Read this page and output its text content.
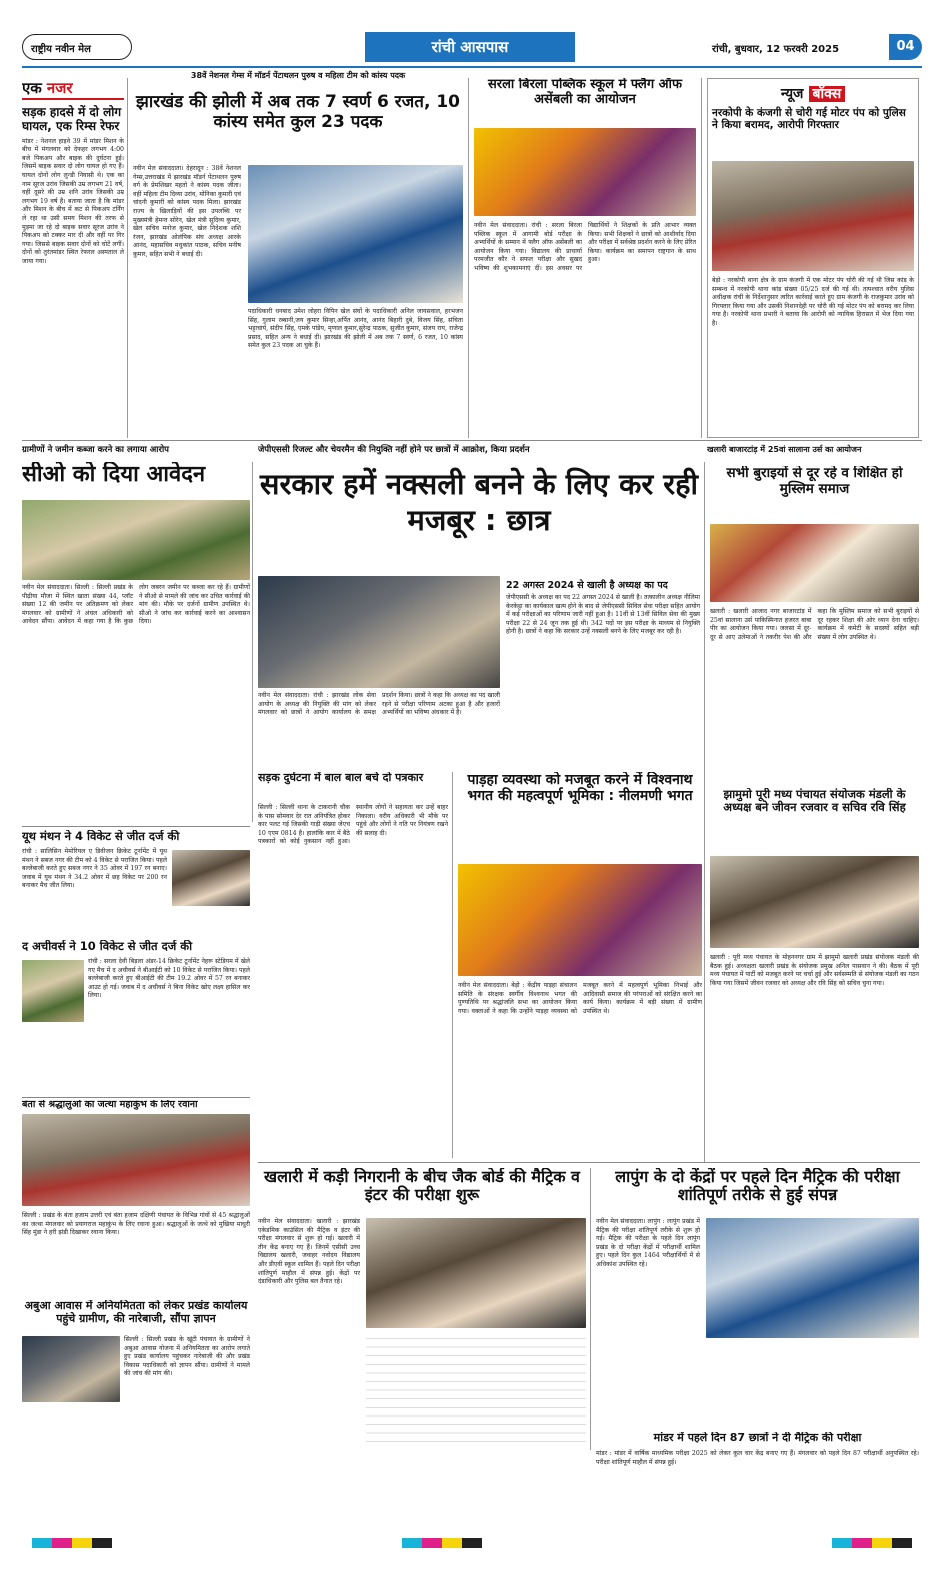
राष्ट्रीय नवीन मेल	रांची आसपास	रांची, बुधवार, 12 फरवरी 2025	04
एक नजर
सड़क हादसे में दो लोग घायल, एक रिम्स रेफर
मांडर : नेशनल हाइवे 39 में मांडर मिशन के बीच में मंगलवार को देफहर लगभग 4:00 बजे पिकअप और बाइक की दुर्घटना हुई। जिसमें बाइक सवार दो लोग घायल हो गए हैं। घायल दोनों लोग लुन्डी निवासी थे। एक का नाम सूरज उरांव जिसकी उम्र लगभग 21 वर्ष, वहीं दूसरे की उम्र शनि उरांव जिसकी उम्र लगभग 19 वर्ष है। बताया जाता है कि मांडर और मिशन के बीच में कट से पिकअप टर्निंग ले रहा था उसी समय मिशन की तरफ से मुड़मा जा रहे दो बाइक सवार सूरज उरांव ने पिकअप को टक्कर मार दी और वहीं पर गिर गया। जिससे बाइक सवार दोनों को चोटें लगीं। दोनों को तुरंतमांडर स्थित रेफरल अस्पताल ले जाया गया।
38वें नेशनल गेम्स में मॉडर्न पेंटाथलन पुरुष व महिला टीम को कांस्य पदक
झारखंड की झोली में अब तक 7 स्वर्ण 6 रजत, 10 कांस्य समेत कुल 23 पदक
नवीन मेल संवाददाता। देहरादून : 38वें नेशनल गेम्स,उत्तराखंड में झारखंड मॉडर्न पेंटाथलन पुरुष वर्ग के प्रेमशिखर महतो ने कांस्य पदक जीता। वहीं महिला टीम दिव्या उरांव, मोनिका कुमारी एवं चांदनी कुमारी को कांस्य पदक मिला। झारखंड राज्य के खिलाड़ियों की इस उपलब्धि पर मुख्यमंत्री हेमन्त सोरेन, खेल मंत्री सुदिव्य कुमार, खेल सचिव मनोज कुमार, खेल निदेशक शशि रंजन, झारखंड ओलंपिक संघ अध्यक्ष आरके आनंद, महासचिव मधुकांत पाठक, सचिव मनीष कुमार, सहित सभी ने बधाई दी।
पदाधिकारी धनबाद उमेश लोहरा विपिन खेल संघों के पदाधिकारी अनिल जायसवाल, हरभजन सिंह, गुलाम रब्बानी,जय कुमार सिन्हा,अर्पित आनंद, आनंद बिहारी दुबे, विजय सिंह, संचिता भट्टाचार्य, संदीप सिंह, एमके पांडेय, मृणाल कुमार,सुरेन्द्र पाठक, सुजीत कुमार, संजय राय, राजेन्द्र प्रसाद, सहित अन्य ने बधाई दी। झारखंड की झोली में अब तक 7 स्वर्ण, 6 रजत, 10 कांस्य समेत कुल 23 पदक आ चुके हैं।
सरला बिरला पब्लिक स्कूल में फ्लैग ऑफ असेंबली का आयोजन
नवीन मेल संवाददाता। रांची : सरला बिरला पब्लिक स्कूल में आगामी बोर्ड परीक्षा के अभ्यर्थियों के सम्मान में फ्लैग ऑफ असेंबली का आयोजन किया गया। विद्यालय की प्राचार्या परमजीत कौर ने सफल परीक्षा और सुखद भविष्य की शुभकामनाएं दीं। इस अवसर पर विद्यार्थियों ने शिक्षकों के प्रति आभार व्यक्त किया। सभी शिक्षकों ने छात्रों को आशीर्वाद दिया और परीक्षा में सर्वश्रेष्ठ प्रदर्शन करने के लिए प्रेरित किया। कार्यक्रम का समापन राष्ट्रगान के साथ हुआ।
न्यूज बॉक्स
नरकोपी के कंजगी से चोरी गई मोटर पंप को पुलिस ने किया बरामद, आरोपी गिरफ्तार
बेड़ो : नरकोपी थाना क्षेत्र के ग्राम कंजगी में एक मोटर पंप चोरी की गई थी जिस कांड के सम्बन्ध में नरकोपी थाना कांड संख्या 05/25 दर्ज की गई थी। तत्पश्चात वरीय पुलिस अधीक्षक रांची के निर्देशानुसार त्वरित कार्रवाई करते हुए ग्राम कंजगी के राजकुमार उरांव को गिरफ्तार किया गया और उसकी निशानदेही पर चोरी की गई मोटर पंप को बरामद कर लिया गया है। नरकोपी थाना प्रभारी ने बताया कि आरोपी को न्यायिक हिरासत में भेज दिया गया है।
ग्रामीणों ने जमीन कब्जा करने का लगाया आरोप	जेपीएससी रिजल्ट और चेयरमैन की नियुक्ति नहीं होने पर छात्रों में आक्रोश, किया प्रदर्शन	खलारी बाजारटांड़ में 25वां सालाना उर्स का आयोजन
सीओ को दिया आवेदन
नवीन मेल संवाददाता। सिल्ली : सिल्ली प्रखंड के पीढ़ीया मौजा में स्थित खाता संख्या 44, प्लॉट संख्या 12 की जमीन पर अतिक्रमण को लेकर मंगलवार को ग्रामीणों ने अंचल अधिकारी को आवेदन सौंपा। आवेदन में कहा गया है कि कुछ लोग जबरन जमीन पर कब्जा कर रहे हैं। ग्रामीणों ने सीओ से मामले की जांच कर उचित कार्रवाई की मांग की। मौके पर दर्जनों ग्रामीण उपस्थित थे। सीओ ने जांच कर कार्रवाई करने का आश्वासन दिया।
सरकार हमें नक्सली बनने के लिए कर रही मजबूर : छात्र
22 अगस्त 2024 से खाली है अध्यक्ष का पद
जेपीएससी के अध्यक्ष का पद 22 अगस्त 2024 से खाली है। तत्कालीन अध्यक्ष नीलिमा केरकेट्टा का कार्यकाल खत्म होने के बाद से जेपीएससी सिविल सेवा परीक्षा सहित आयोग में कई परीक्षाओं का परिणाम जारी नहीं हुआ है। 11वीं से 13वीं सिविल सेवा की मुख्य परीक्षा 22 से 24 जून तक हुई थी। 342 पदों पर इस परीक्षा के माध्यम से नियुक्ति होनी है। छात्रों ने कहा कि सरकार उन्हें नक्सली बनने के लिए मजबूर कर रही है।
नवीन मेल संवाददाता। रांची : झारखंड लोक सेवा आयोग के अध्यक्ष की नियुक्ति की मांग को लेकर मंगलवार को छात्रों ने आयोग कार्यालय के समक्ष प्रदर्शन किया। छात्रों ने कहा कि अध्यक्ष का पद खाली रहने से परीक्षा परिणाम अटका हुआ है और हजारों अभ्यर्थियों का भविष्य अंधकार में है।
सभी बुराइयों से दूर रहे व शिक्षित हो मुस्लिम समाज
खलारी : खलारी आजाद नगर बाजारटांड़ में 25वां सालाना उर्स पाकिस्मिनात हजरत बाबा पीर का आयोजन किया गया। जलसा में दूर-दूर से आए उलेमाओं ने तकरीर पेश की और कहा कि मुस्लिम समाज को सभी बुराइयों से दूर रहकर शिक्षा की ओर ध्यान देना चाहिए। कार्यक्रम में कमेटी के सदस्यों सहित बड़ी संख्या में लोग उपस्थित थे।
यूथ मंथन ने 4 विकेट से जीत दर्ज की
रांची : सालिसिन मेमोरियल ए डिवीजन क्रिकेट टूर्नामेंट में यूथ मंथन ने सबज नगर की टीम को 4 विकेट से पराजित किया। पहले बल्लेबाजी करते हुए सबज नगर ने 35 ओवर में 197 रन बनाए। जवाब में यूथ मंथन ने 34.2 ओवर में छह विकेट पर 200 रन बनाकर मैच जीत लिया।
द अचीवर्स ने 10 विकेट से जीत दर्ज की
रांची : सरला देवी बिड़ला अंडर-14 क्रिकेट टूर्नामेंट नेहरू स्टेडियम में खेले गए मैच में द अचीवर्स ने बीआईटी को 10 विकेट से पराजित किया। पहले बल्लेबाजी करते हुए बीआईटी की टीम 19.2 ओवर में 57 रन बनाकर आउट हो गई। जवाब में द अचीवर्स ने बिना विकेट खोए लक्ष्य हासिल कर लिया।
सड़क दुर्घटना में बाल बाल बचे दो पत्रकार
सिल्ली : सिल्ली थाना के टाकरानी चौक के पास सोमवार देर रात अनियंत्रित होकर कार पलट गई जिसकी गाड़ी संख्या जेएच 10 एएम 0814 है। हालांकि कार में बैठे पत्रकारों को कोई नुकसान नहीं हुआ। स्थानीय लोगों ने सहायता कर उन्हें बाहर निकाला। वरीय अधिकारी भी मौके पर पहुंचे और लोगों ने गति पर नियंत्रण रखने की सलाह दी।
पाड़हा व्यवस्था को मजबूत करने में विश्वनाथ भगत की महत्वपूर्ण भूमिका : नीलमणी भगत
नवीन मेल संवाददाता। बेड़ो : केंद्रीय पाड़हा संचालन समिति के संरक्षक स्वर्गीय विश्वनाथ भगत की पुण्यतिथि पर श्रद्धांजलि सभा का आयोजन किया गया। वक्ताओं ने कहा कि उन्होंने पाड़हा व्यवस्था को मजबूत करने में महत्वपूर्ण भूमिका निभाई और आदिवासी समाज की परंपराओं को संरक्षित करने का कार्य किया। कार्यक्रम में बड़ी संख्या में ग्रामीण उपस्थित थे।
झामुमो पूरी मध्य पंचायत संयोजक मंडली के अध्यक्ष बने जीवन रजवार व सचिव रवि सिंह
खलारी : पूरी मध्य पंचायत के मोहननगर ग्राम में झामुमो खलारी प्रखंड संयोजक मंडली की बैठक हुई। अध्यक्षता खलारी प्रखंड के संयोजक प्रमुख अनिल पासवान ने की। बैठक में पूरी मध्य पंचायत में पार्टी को मजबूत करने पर चर्चा हुई और सर्वसम्मति से संयोजक मंडली का गठन किया गया जिसमें जीवन रजवार को अध्यक्ष और रवि सिंह को सचिव चुना गया।
बंता से श्रद्धालुओं का जत्था महाकुंभ के लिए रवाना
सिल्ली : प्रखंड के बंता हजाम उत्तरी एवं बंता हजाम दक्षिणी पंचायत के विभिन्न गांवों से 45 श्रद्धालुओं का जत्था मंगलवार को प्रयागराज महाकुंभ के लिए रवाना हुआ। श्रद्धालुओं के जत्थे को मुखिया माधुरी सिंह मुंडा ने हरी झंडी दिखाकर रवाना किया।
अबुआ आवास में अनियमितता को लेकर प्रखंड कार्यालय पहुंचे ग्रामीण, की नारेबाजी, सौंपा ज्ञापन
सिल्ली : सिल्ली प्रखंड के खूंटी पंचायत के ग्रामीणों ने अबुआ आवास योजना में अनियमितता का आरोप लगाते हुए प्रखंड कार्यालय पहुंचकर नारेबाजी की और प्रखंड विकास पदाधिकारी को ज्ञापन सौंपा। ग्रामीणों ने मामले की जांच की मांग की।
खलारी में कड़ी निगरानी के बीच जैक बोर्ड की मैट्रिक व इंटर की परीक्षा शुरू
नवीन मेल संवाददाता। खलारी : झारखंड एकेडमिक काउंसिल की मैट्रिक व इंटर की परीक्षा मंगलवार से शुरू हो गई। खलारी में तीन केंद्र बनाए गए हैं। जिनमें एसीसी उच्च विद्यालय खलारी, जवाहर नवोदय विद्यालय और डीएवी स्कूल शामिल हैं। पहले दिन परीक्षा शांतिपूर्ण माहौल में संपन्न हुई। केंद्रों पर दंडाधिकारी और पुलिस बल तैनात रहे।
लापुंग के दो केंद्रों पर पहले दिन मैट्रिक की परीक्षा शांतिपूर्ण तरीके से हुई संपन्न
नवीन मेल संवाददाता। लापुंग : लापुंग प्रखंड में मैट्रिक की परीक्षा शांतिपूर्ण तरीके से शुरू हो गई। मैट्रिक की परीक्षा के पहले दिन लापुंग प्रखंड के दो परीक्षा केंद्रों में परीक्षार्थी शामिल हुए। पहले दिन कुल 1464 परीक्षार्थियों में से अधिकांश उपस्थित रहे।
मांडर में पहले दिन 87 छात्रों ने दी मैट्रिक की परीक्षा
मांडर : मांडर में वार्षिक माध्यमिक परीक्षा 2025 को लेकर कुल चार केंद्र बनाए गए हैं। मंगलवार को पहले दिन 87 परीक्षार्थी अनुपस्थित रहे। परीक्षा शांतिपूर्ण माहौल में संपन्न हुई।
